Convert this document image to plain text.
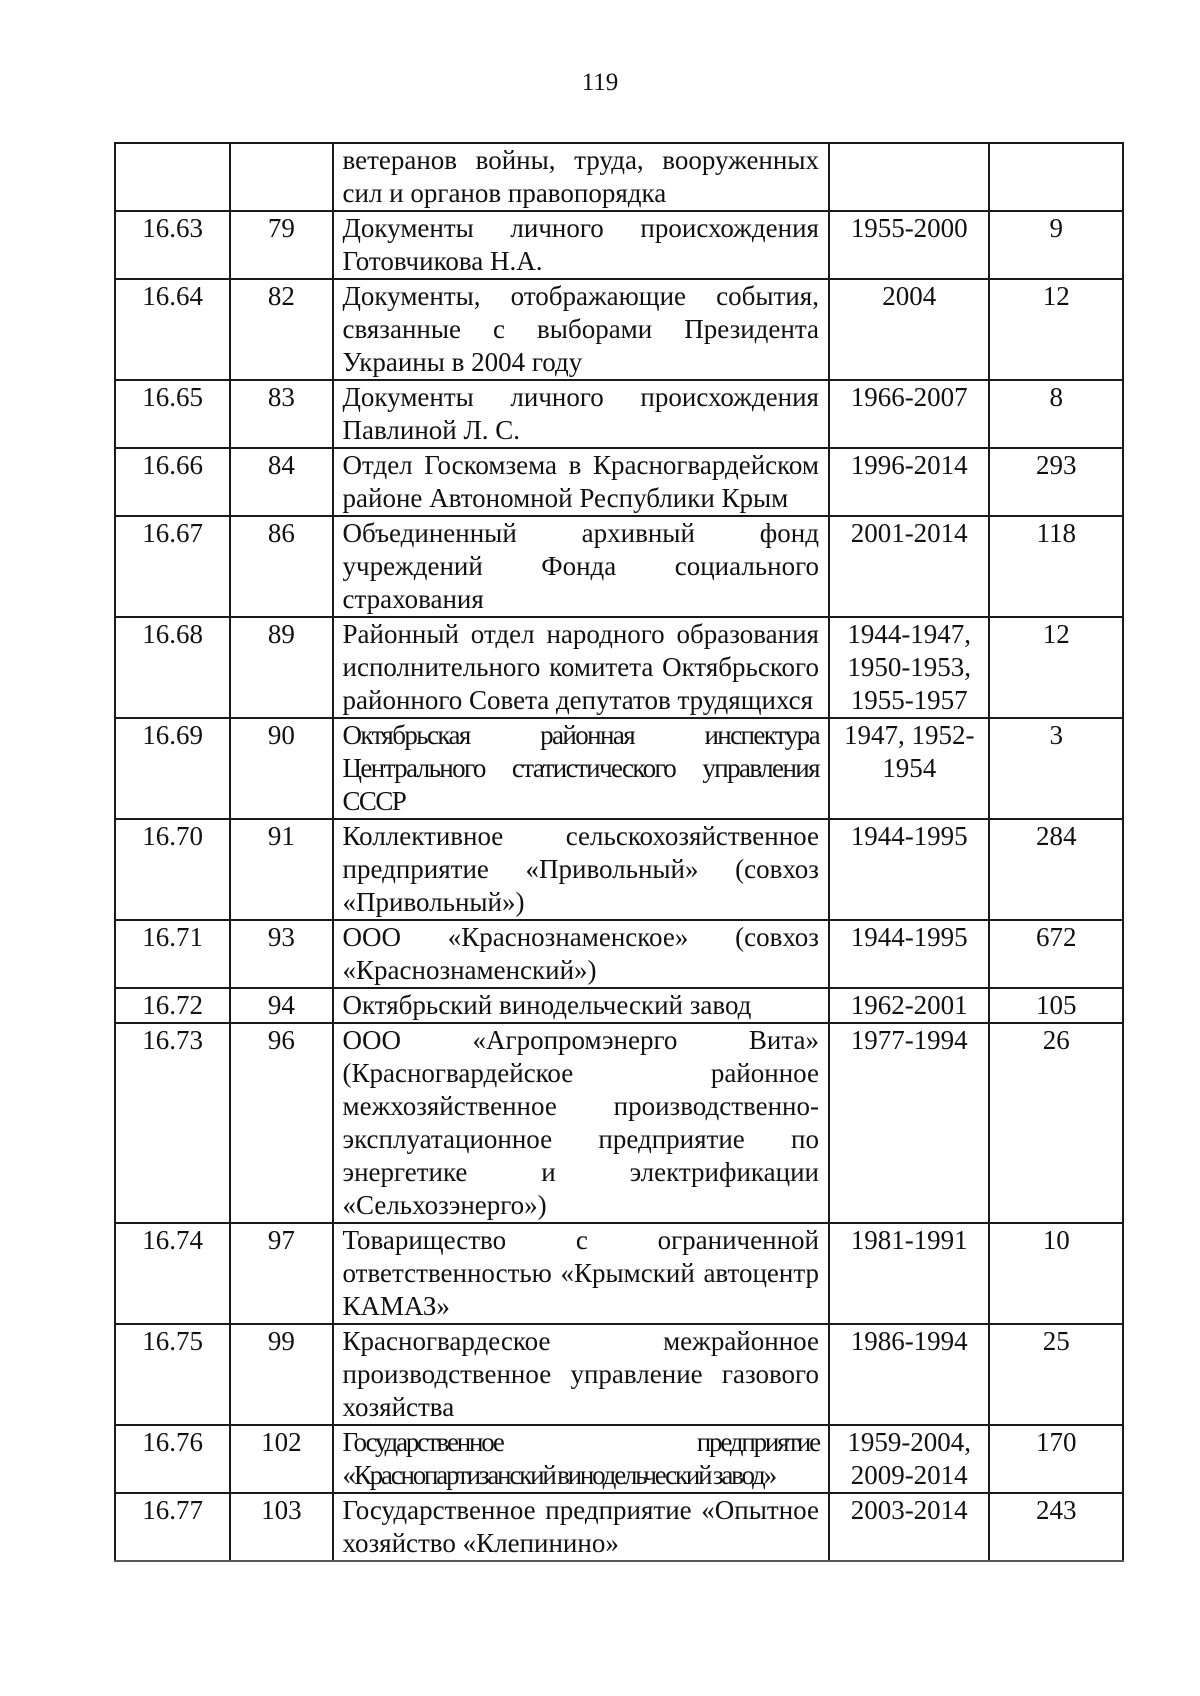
119
		ветеранов войны, труда, вооруженных сил и органов правопорядка		
16.63	79	Документы личного происхождения Готовчикова Н.А.	1955-2000	9
16.64	82	Документы, отображающие события, связанные с выборами Президента Украины в 2004 году	2004	12
16.65	83	Документы личного происхождения Павлиной Л. С.	1966-2007	8
16.66	84	Отдел Госкомзема в Красногвардейском районе Автономной Республики Крым	1996-2014	293
16.67	86	Объединенный архивный фонд учреждений Фонда социального страхования	2001-2014	118
16.68	89	Районный отдел народного образования исполнительного комитета Октябрьского районного Совета депутатов трудящихся	1944-1947, 1950-1953, 1955-1957	12
16.69	90	Октябрьская районная инспектура Центрального статистического управления СССР	1947, 1952-1954	3
16.70	91	Коллективное сельскохозяйственное предприятие «Привольный» (совхоз «Привольный»)	1944-1995	284
16.71	93	ООО «Краснознаменское» (совхоз «Краснознаменский»)	1944-1995	672
16.72	94	Октябрьский винодельческий завод	1962-2001	105
16.73	96	ООО «Агропромэнерго Вита» (Красногвардейское районное межхозяйственное производственно-эксплуатационное предприятие по энергетике и электрификации «Сельхозэнерго»)	1977-1994	26
16.74	97	Товарищество с ограниченной ответственностью «Крымский автоцентр КАМАЗ»	1981-1991	10
16.75	99	Красногвардеское межрайонное производственное управление газового хозяйства	1986-1994	25
16.76	102	Государственное предприятие «Краснопартизанский винодельческий завод»	1959-2004, 2009-2014	170
16.77	103	Государственное предприятие «Опытное хозяйство «Клепинино»	2003-2014	243
